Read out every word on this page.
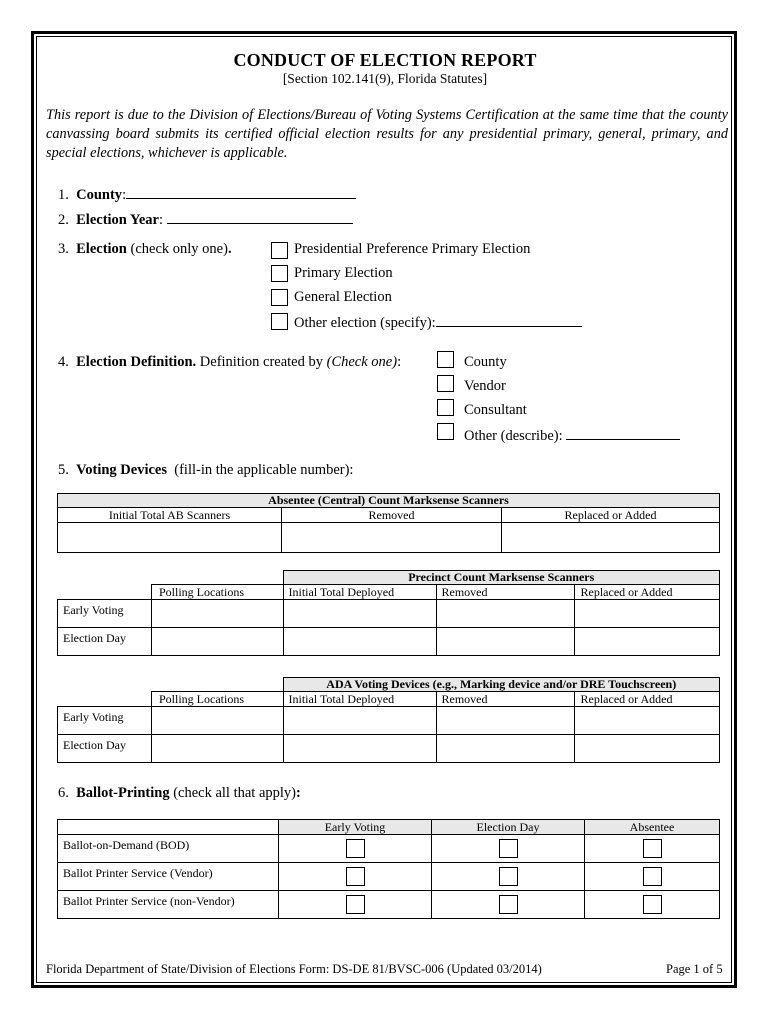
CONDUCT OF ELECTION REPORT
[Section 102.141(9), Florida Statutes]
This report is due to the Division of Elections/Bureau of Voting Systems Certification at the same time that the county canvassing board submits its certified official election results for any presidential primary, general, primary, and special elections, whichever is applicable.
1. County:
2. Election Year:
3. Election (check only one).	Presidential Preference Primary Election
Primary Election
General Election
Other election (specify):
4. Election Definition. Definition created by (Check one):	County
Vendor
Consultant
Other (describe):
5. Voting Devices (fill-in the applicable number):
Absentee (Central) Count Marksense Scanners		
Initial Total AB Scanners	Removed	Replaced or Added

		Precinct Count Marksense Scanners		
	Polling Locations	Initial Total Deployed	Removed	Replaced or Added
Early Voting				
Election Day				
		ADA Voting Devices (e.g., Marking device and/or DRE Touchscreen)		
	Polling Locations	Initial Total Deployed	Removed	Replaced or Added
Early Voting				
Election Day				
6. Ballot-Printing (check all that apply):
	Early Voting	Election Day	Absentee
Ballot-on-Demand (BOD)			
Ballot Printer Service (Vendor)			
Ballot Printer Service (non-Vendor)			
Florida Department of State/Division of Elections Form: DS-DE 81/BVSC-006 (Updated 03/2014)	Page 1 of 5
